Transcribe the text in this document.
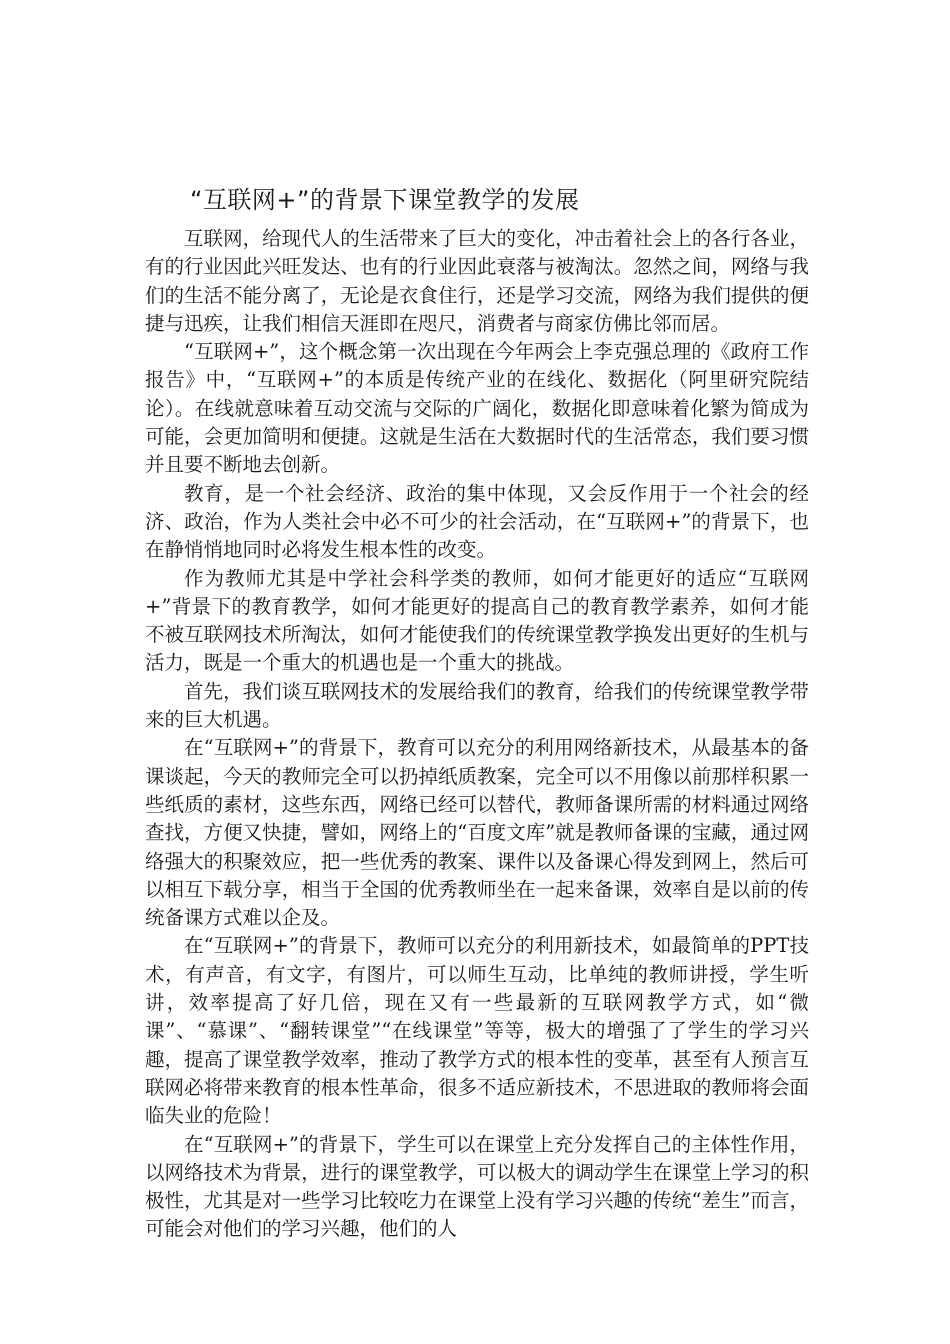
“互联网+”的背景下课堂教学的发展

互联网，给现代人的生活带来了巨大的变化，冲击着社会上的各行各业，有的行业因此兴旺发达、也有的行业因此衰落与被淘汰。忽然之间，网络与我们的生活不能分离了，无论是衣食住行，还是学习交流，网络为我们提供的便捷与迅疾，让我们相信天涯即在咫尺，消费者与商家仿佛比邻而居。

“互联网+”，这个概念第一次出现在今年两会上李克强总理的《政府工作报告》中，“互联网+”的本质是传统产业的在线化、数据化（阿里研究院结论）。在线就意味着互动交流与交际的广阔化，数据化即意味着化繁为简成为可能，会更加简明和便捷。这就是生活在大数据时代的生活常态，我们要习惯并且要不断地去创新。

教育，是一个社会经济、政治的集中体现，又会反作用于一个社会的经济、政治，作为人类社会中必不可少的社会活动，在“互联网+”的背景下，也在静悄悄地同时必将发生根本性的改变。

作为教师尤其是中学社会科学类的教师，如何才能更好的适应“互联网+”背景下的教育教学，如何才能更好的提高自己的教育教学素养，如何才能不被互联网技术所淘汰，如何才能使我们的传统课堂教学换发出更好的生机与活力，既是一个重大的机遇也是一个重大的挑战。

首先，我们谈互联网技术的发展给我们的教育，给我们的传统课堂教学带来的巨大机遇。

在“互联网+”的背景下，教育可以充分的利用网络新技术，从最基本的备课谈起，今天的教师完全可以扔掉纸质教案，完全可以不用像以前那样积累一些纸质的素材，这些东西，网络已经可以替代，教师备课所需的材料通过网络查找，方便又快捷，譬如，网络上的“百度文库”就是教师备课的宝藏，通过网络强大的积聚效应，把一些优秀的教案、课件以及备课心得发到网上，然后可以相互下载分享，相当于全国的优秀教师坐在一起来备课，效率自是以前的传统备课方式难以企及。

在“互联网+”的背景下，教师可以充分的利用新技术，如最简单的PPT技术，有声音，有文字，有图片，可以师生互动，比单纯的教师讲授，学生听讲，效率提高了好几倍，现在又有一些最新的互联网教学方式，如“微课”、“慕课”、“翻转课堂”“在线课堂”等等，极大的增强了了学生的学习兴趣，提高了课堂教学效率，推动了教学方式的根本性的变革，甚至有人预言互联网必将带来教育的根本性革命，很多不适应新技术，不思进取的教师将会面临失业的危险！

在“互联网+”的背景下，学生可以在课堂上充分发挥自己的主体性作用，以网络技术为背景，进行的课堂教学，可以极大的调动学生在课堂上学习的积极性，尤其是对一些学习比较吃力在课堂上没有学习兴趣的传统“差生”而言，可能会对他们的学习兴趣，他们的人
